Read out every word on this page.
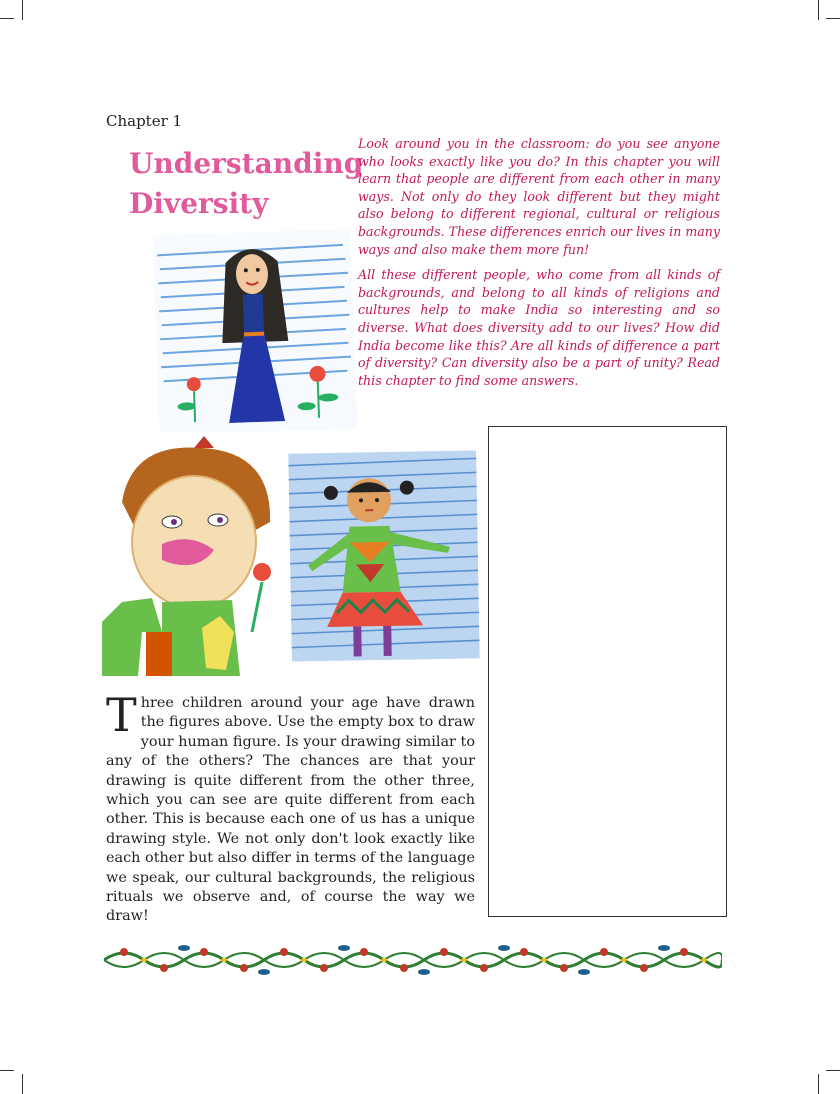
Chapter 1
Understanding Diversity

Look around you in the classroom: do you see anyone who looks exactly like you do? In this chapter you will learn that people are different from each other in many ways. Not only do they look different but they might also belong to different regional, cultural or religious backgrounds. These differences enrich our lives in many ways and also make them more fun!

All these different people, who come from all kinds of backgrounds, and belong to all kinds of religions and cultures help to make India so interesting and so diverse. What does diversity add to our lives? How did India become like this? Are all kinds of difference a part of diversity? Can diversity also be a part of unity? Read this chapter to find some answers.

Three children around your age have drawn the figures above. Use the empty box to draw your human figure. Is your drawing similar to any of the others? The chances are that your drawing is quite different from the other three, which you can see are quite different from each other. This is because each one of us has a unique drawing style. We not only don't look exactly like each other but also differ in terms of the language we speak, our cultural backgrounds, the religious rituals we observe and, of course the way we draw!
